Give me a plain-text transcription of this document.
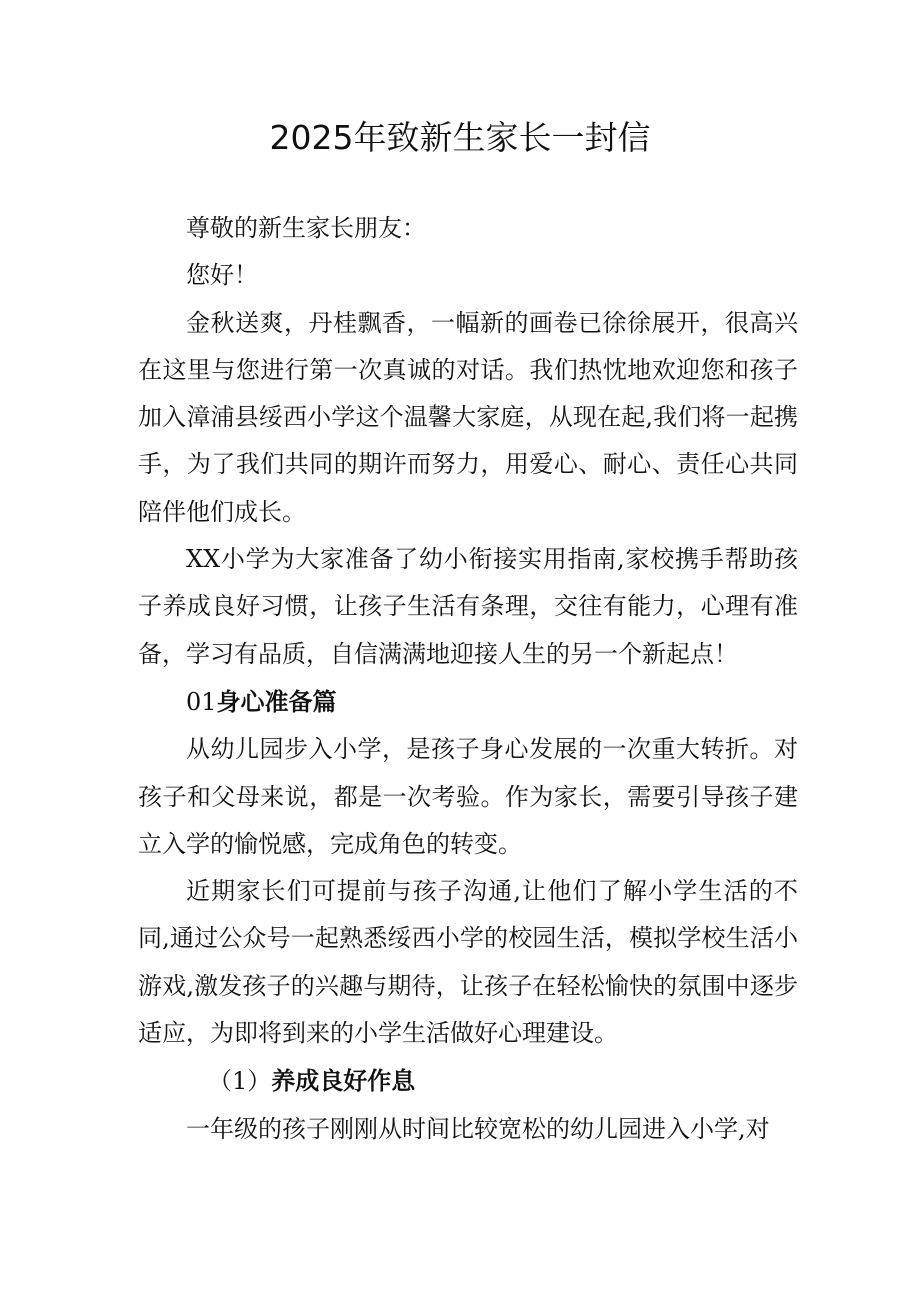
2025年致新生家长一封信

尊敬的新生家长朋友：

您好！

金秋送爽，丹桂飘香，一幅新的画卷已徐徐展开，很高兴在这里与您进行第一次真诚的对话。我们热忱地欢迎您和孩子加入漳浦县绥西小学这个温馨大家庭，从现在起,我们将一起携手，为了我们共同的期许而努力，用爱心、耐心、责任心共同陪伴他们成长。

XX小学为大家准备了幼小衔接实用指南,家校携手帮助孩子养成良好习惯，让孩子生活有条理，交往有能力，心理有准备，学习有品质，自信满满地迎接人生的另一个新起点！

01身心准备篇

从幼儿园步入小学，是孩子身心发展的一次重大转折。对孩子和父母来说，都是一次考验。作为家长，需要引导孩子建立入学的愉悦感，完成角色的转变。

近期家长们可提前与孩子沟通,让他们了解小学生活的不同,通过公众号一起熟悉绥西小学的校园生活，模拟学校生活小游戏,激发孩子的兴趣与期待，让孩子在轻松愉快的氛围中逐步适应，为即将到来的小学生活做好心理建设。

（1）养成良好作息

一年级的孩子刚刚从时间比较宽松的幼儿园进入小学,对
